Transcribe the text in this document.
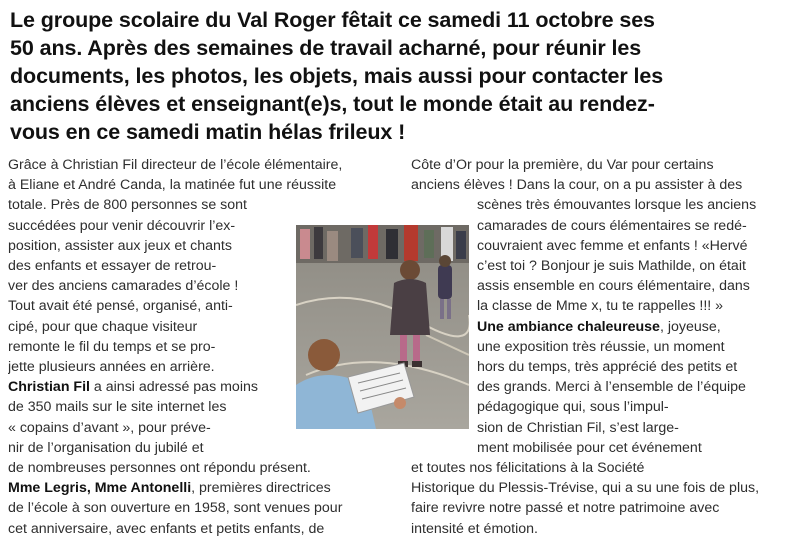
Le groupe scolaire du Val Roger fêtait ce samedi 11 octobre ses
50 ans. Après des semaines de travail acharné, pour réunir les
documents, les photos, les objets, mais aussi pour contacter les
anciens élèves et enseignant(e)s, tout le monde était au rendez-
vous en ce samedi matin hélas frileux !
Grâce à Christian Fil directeur de l’école élémentaire,
à Eliane et André Canda, la matinée fut une réussite
totale. Près de 800 personnes se sont
succédées pour venir découvrir l’ex-
position, assister aux jeux et chants
des enfants et essayer de retrou-
ver des anciens camarades d’école !
Tout avait été pensé, organisé, anti-
cipé, pour que chaque visiteur
remonte le fil du temps et se pro-
jette plusieurs années en arrière.
Christian Fil a ainsi adressé pas moins
de 350 mails sur le site internet les
« copains d’avant », pour préve-
nir de l’organisation du jubilé et
de nombreuses personnes ont répondu présent.
Mme Legris, Mme Antonelli, premières directrices
de l’école à son ouverture en 1958, sont venues pour
cet anniversaire, avec enfants et petits enfants, de
Côte d’Or pour la première, du Var pour certains
anciens élèves ! Dans la cour, on a pu assister à des
scènes très émouvantes lorsque les anciens
camarades de cours élémentaires se redé-
couvraient avec femme et enfants ! «Hervé
c’est toi ? Bonjour je suis Mathilde, on était
assis ensemble en cours élémentaire, dans
la classe de Mme x, tu te rappelles !!! »
Une ambiance chaleureuse, joyeuse,
une exposition très réussie, un moment
hors du temps, très apprécié des petits et
des grands. Merci à l’ensemble de l’équipe
pédagogique qui, sous l’impul-
sion de Christian Fil, s’est large-
ment mobilisée pour cet événement
et toutes nos félicitations à la Société
Historique du Plessis-Trévise, qui a su une fois de plus,
faire revivre notre passé et notre patrimoine avec
intensité et émotion.
